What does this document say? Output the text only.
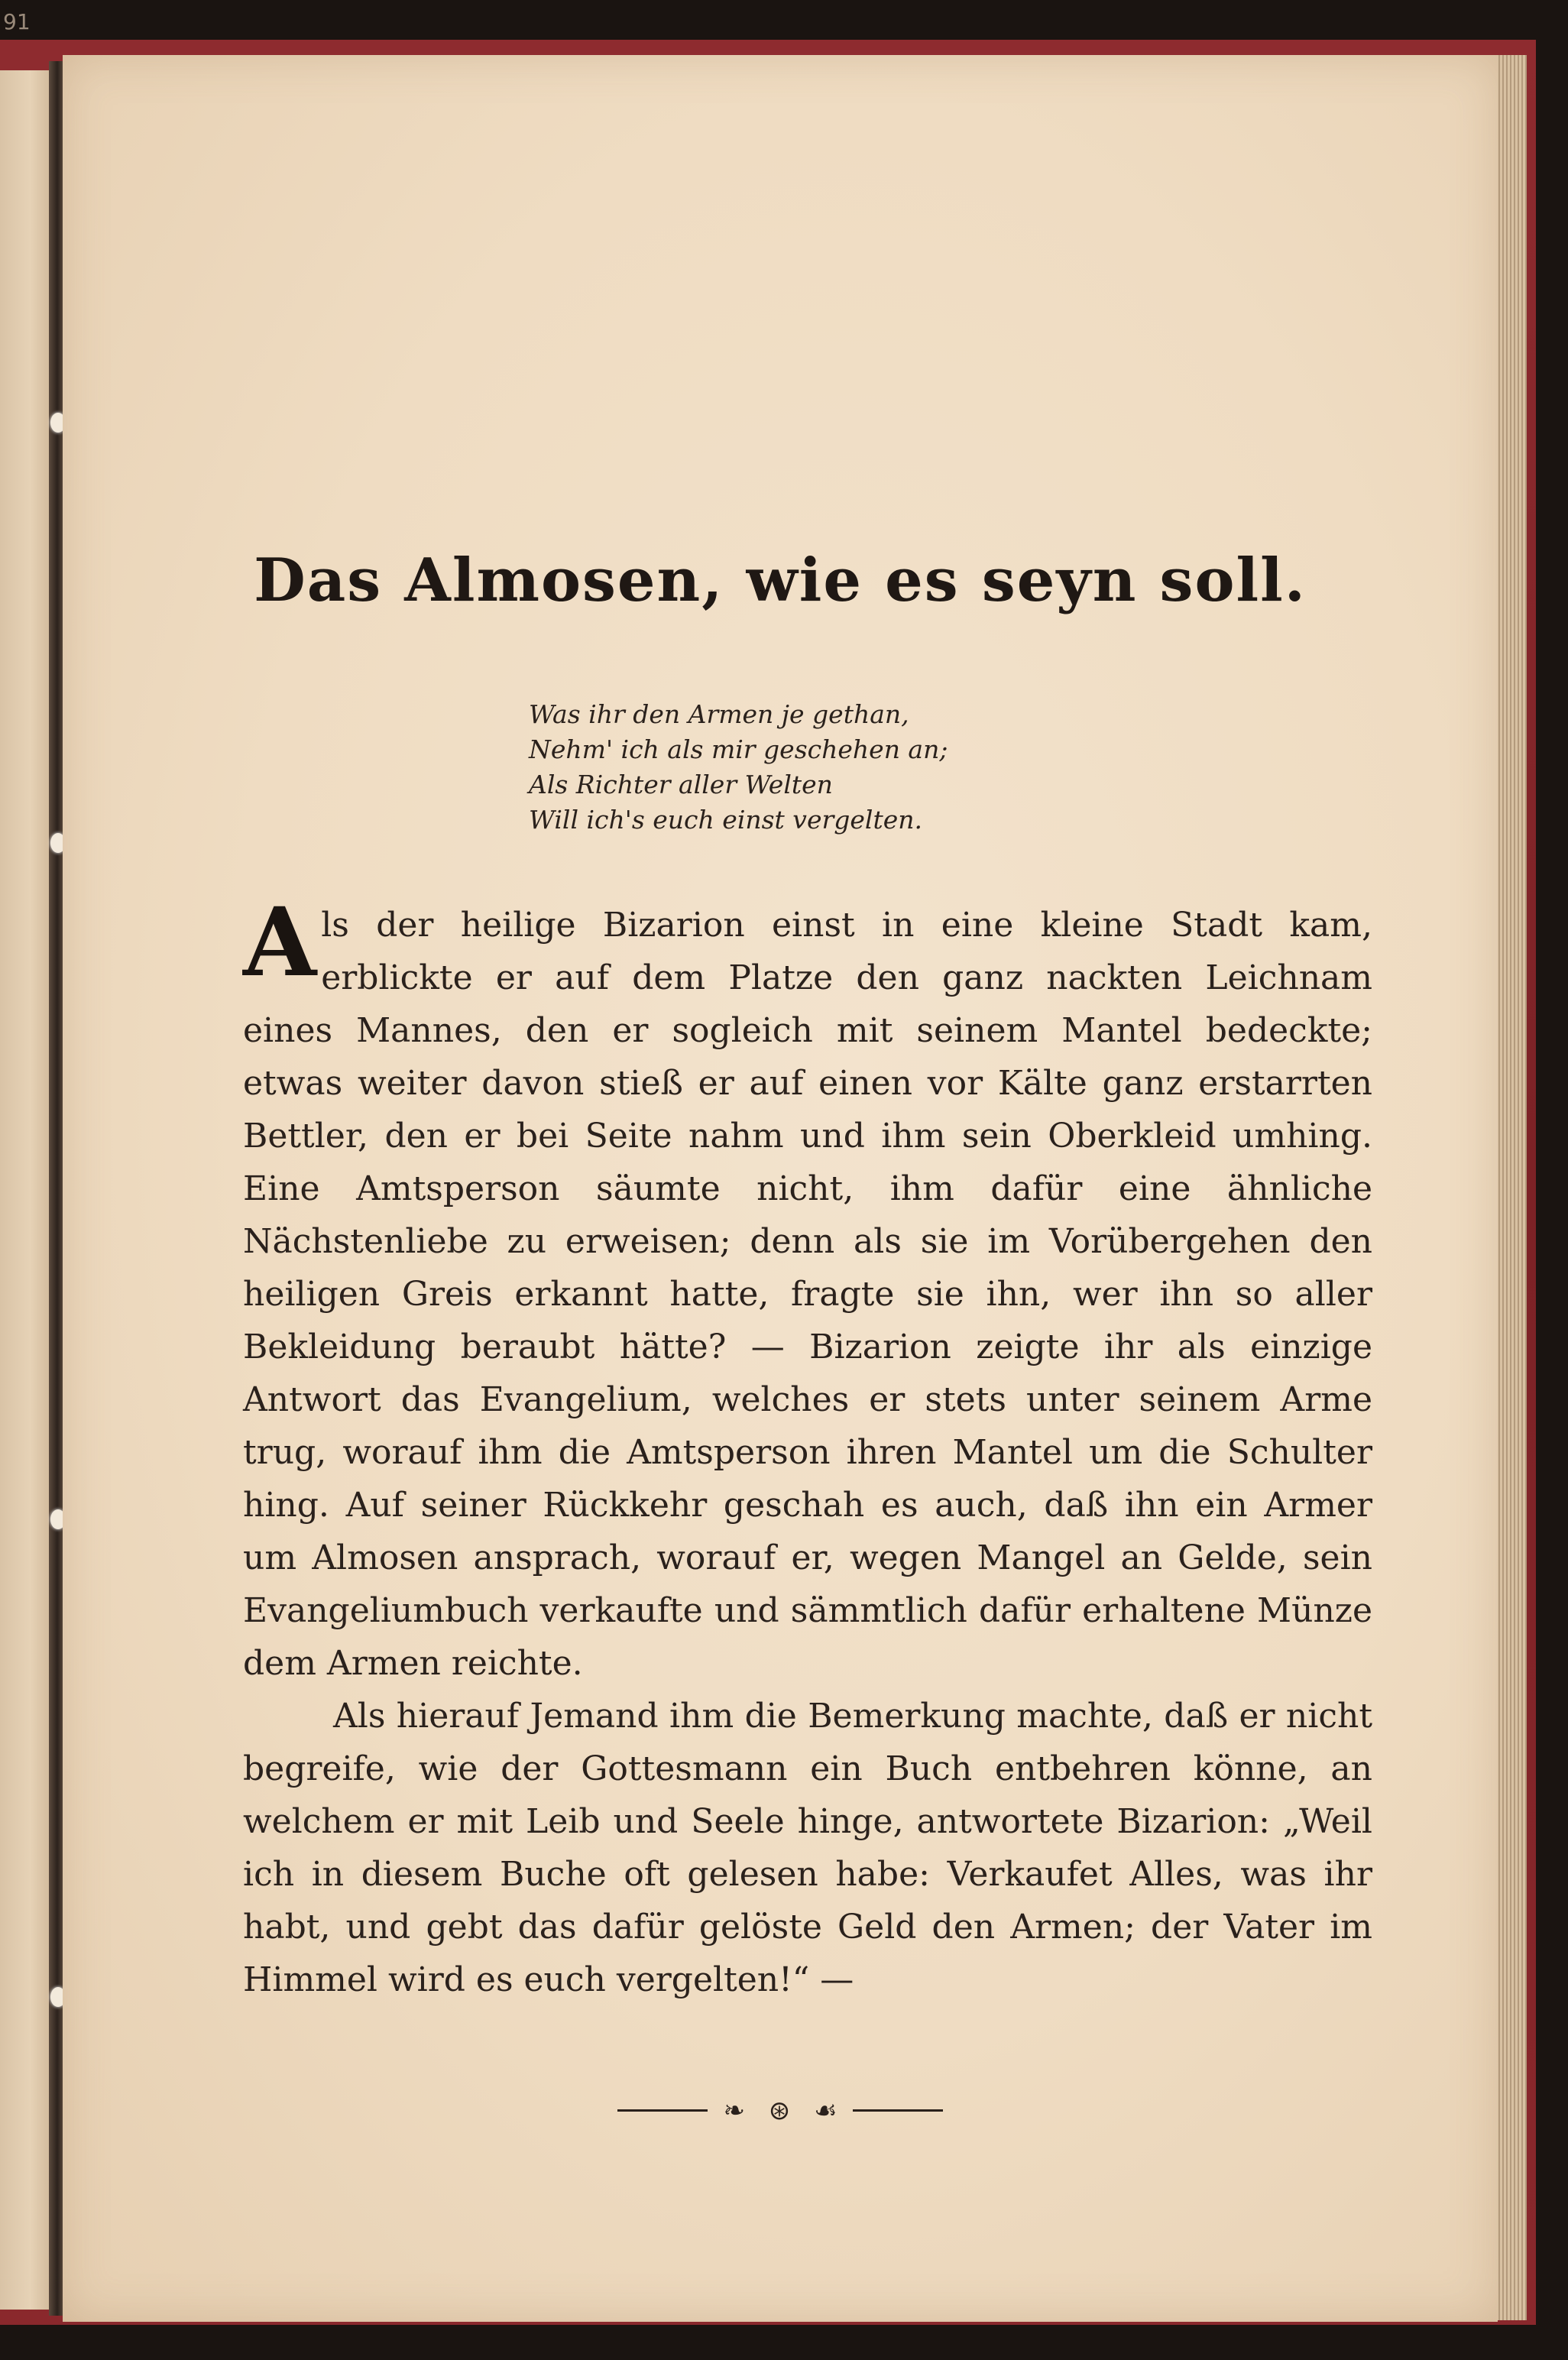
91
Das Almosen, wie es seyn soll.
Was ihr den Armen je gethan,
Nehm' ich als mir geschehen an;
Als Richter aller Welten
Will ich's euch einst vergelten.

Als der heilige Bizarion einst in eine kleine Stadt kam, erblickte er auf dem Platze den ganz nackten Leichnam eines Mannes, den er sogleich mit seinem Mantel bedeckte; etwas weiter davon stieß er auf einen vor Kälte ganz erstarrten Bettler, den er bei Seite nahm und ihm sein Oberkleid umhing. Eine Amtsperson säumte nicht, ihm dafür eine ähnliche Nächstenliebe zu erweisen; denn als sie im Vorübergehen den heiligen Greis erkannt hatte, fragte sie ihn, wer ihn so aller Bekleidung beraubt hätte? — Bizarion zeigte ihr als einzige Antwort das Evangelium, welches er stets unter seinem Arme trug, worauf ihm die Amtsperson ihren Mantel um die Schulter hing. Auf seiner Rückkehr geschah es auch, daß ihn ein Armer um Almosen ansprach, worauf er, wegen Mangel an Gelde, sein Evangeliumbuch verkaufte und sämmtlich dafür erhaltene Münze dem Armen reichte.

Als hierauf Jemand ihm die Bemerkung machte, daß er nicht begreife, wie der Gottesmann ein Buch entbehren könne, an welchem er mit Leib und Seele hinge, antwortete Bizarion: „Weil ich in diesem Buche oft gelesen habe: Verkaufet Alles, was ihr habt, und gebt das dafür gelöste Geld den Armen; der Vater im Himmel wird es euch vergelten!“ —

❧ ⊛ ☙
